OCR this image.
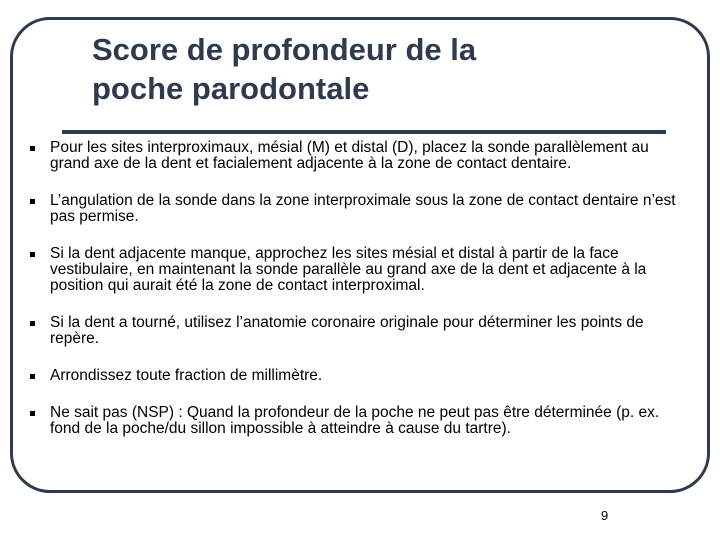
Score de profondeur de la
poche parodontale
Pour les sites interproximaux, mésial (M) et distal (D), placez la sonde parallèlement au grand axe de la dent et facialement adjacente à la zone de contact dentaire.
L’angulation de la sonde dans la zone interproximale sous la zone de contact dentaire n’est pas permise.
Si la dent adjacente manque, approchez les sites mésial et distal à partir de la face vestibulaire, en maintenant la sonde parallèle au grand axe de la dent et adjacente à la position qui aurait été la zone de contact interproximal.
Si la dent a tourné, utilisez l’anatomie coronaire originale pour déterminer les points de repère.
Arrondissez toute fraction de millimètre.
Ne sait pas (NSP) : Quand la profondeur de la poche ne peut pas être déterminée (p. ex. fond de la poche/du sillon impossible à atteindre à cause du tartre).
9
